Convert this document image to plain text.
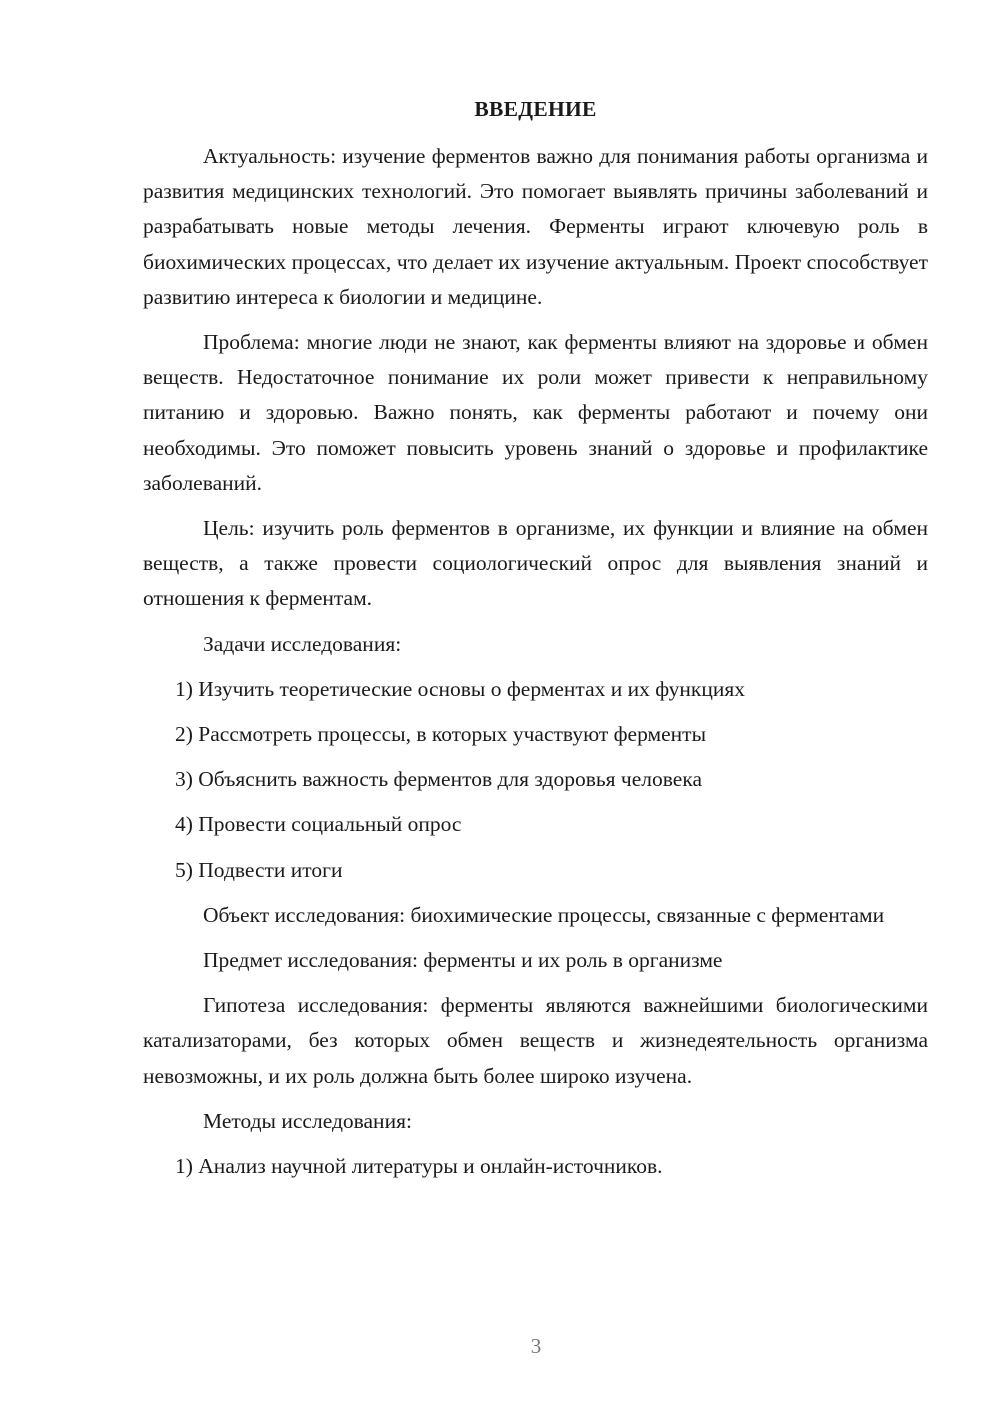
ВВЕДЕНИЕ

Актуальность: изучение ферментов важно для понимания работы организма и развития медицинских технологий. Это помогает выявлять причины заболеваний и разрабатывать новые методы лечения. Ферменты играют ключевую роль в биохимических процессах, что делает их изучение актуальным. Проект способствует развитию интереса к биологии и медицине.

Проблема: многие люди не знают, как ферменты влияют на здоровье и обмен веществ. Недостаточное понимание их роли может привести к неправильному питанию и здоровью. Важно понять, как ферменты работают и почему они необходимы. Это поможет повысить уровень знаний о здоровье и профилактике заболеваний.

Цель: изучить роль ферментов в организме, их функции и влияние на обмен веществ, а также провести социологический опрос для выявления знаний и отношения к ферментам.

Задачи исследования:

1) Изучить теоретические основы о ферментах и их функциях

2) Рассмотреть процессы, в которых участвуют ферменты

3) Объяснить важность ферментов для здоровья человека

4) Провести социальный опрос

5) Подвести итоги

Объект исследования: биохимические процессы, связанные с ферментами

Предмет исследования: ферменты и их роль в организме

Гипотеза исследования: ферменты являются важнейшими биологическими катализаторами, без которых обмен веществ и жизнедеятельность организма невозможны, и их роль должна быть более широко изучена.

Методы исследования:

1) Анализ научной литературы и онлайн-источников.

3
